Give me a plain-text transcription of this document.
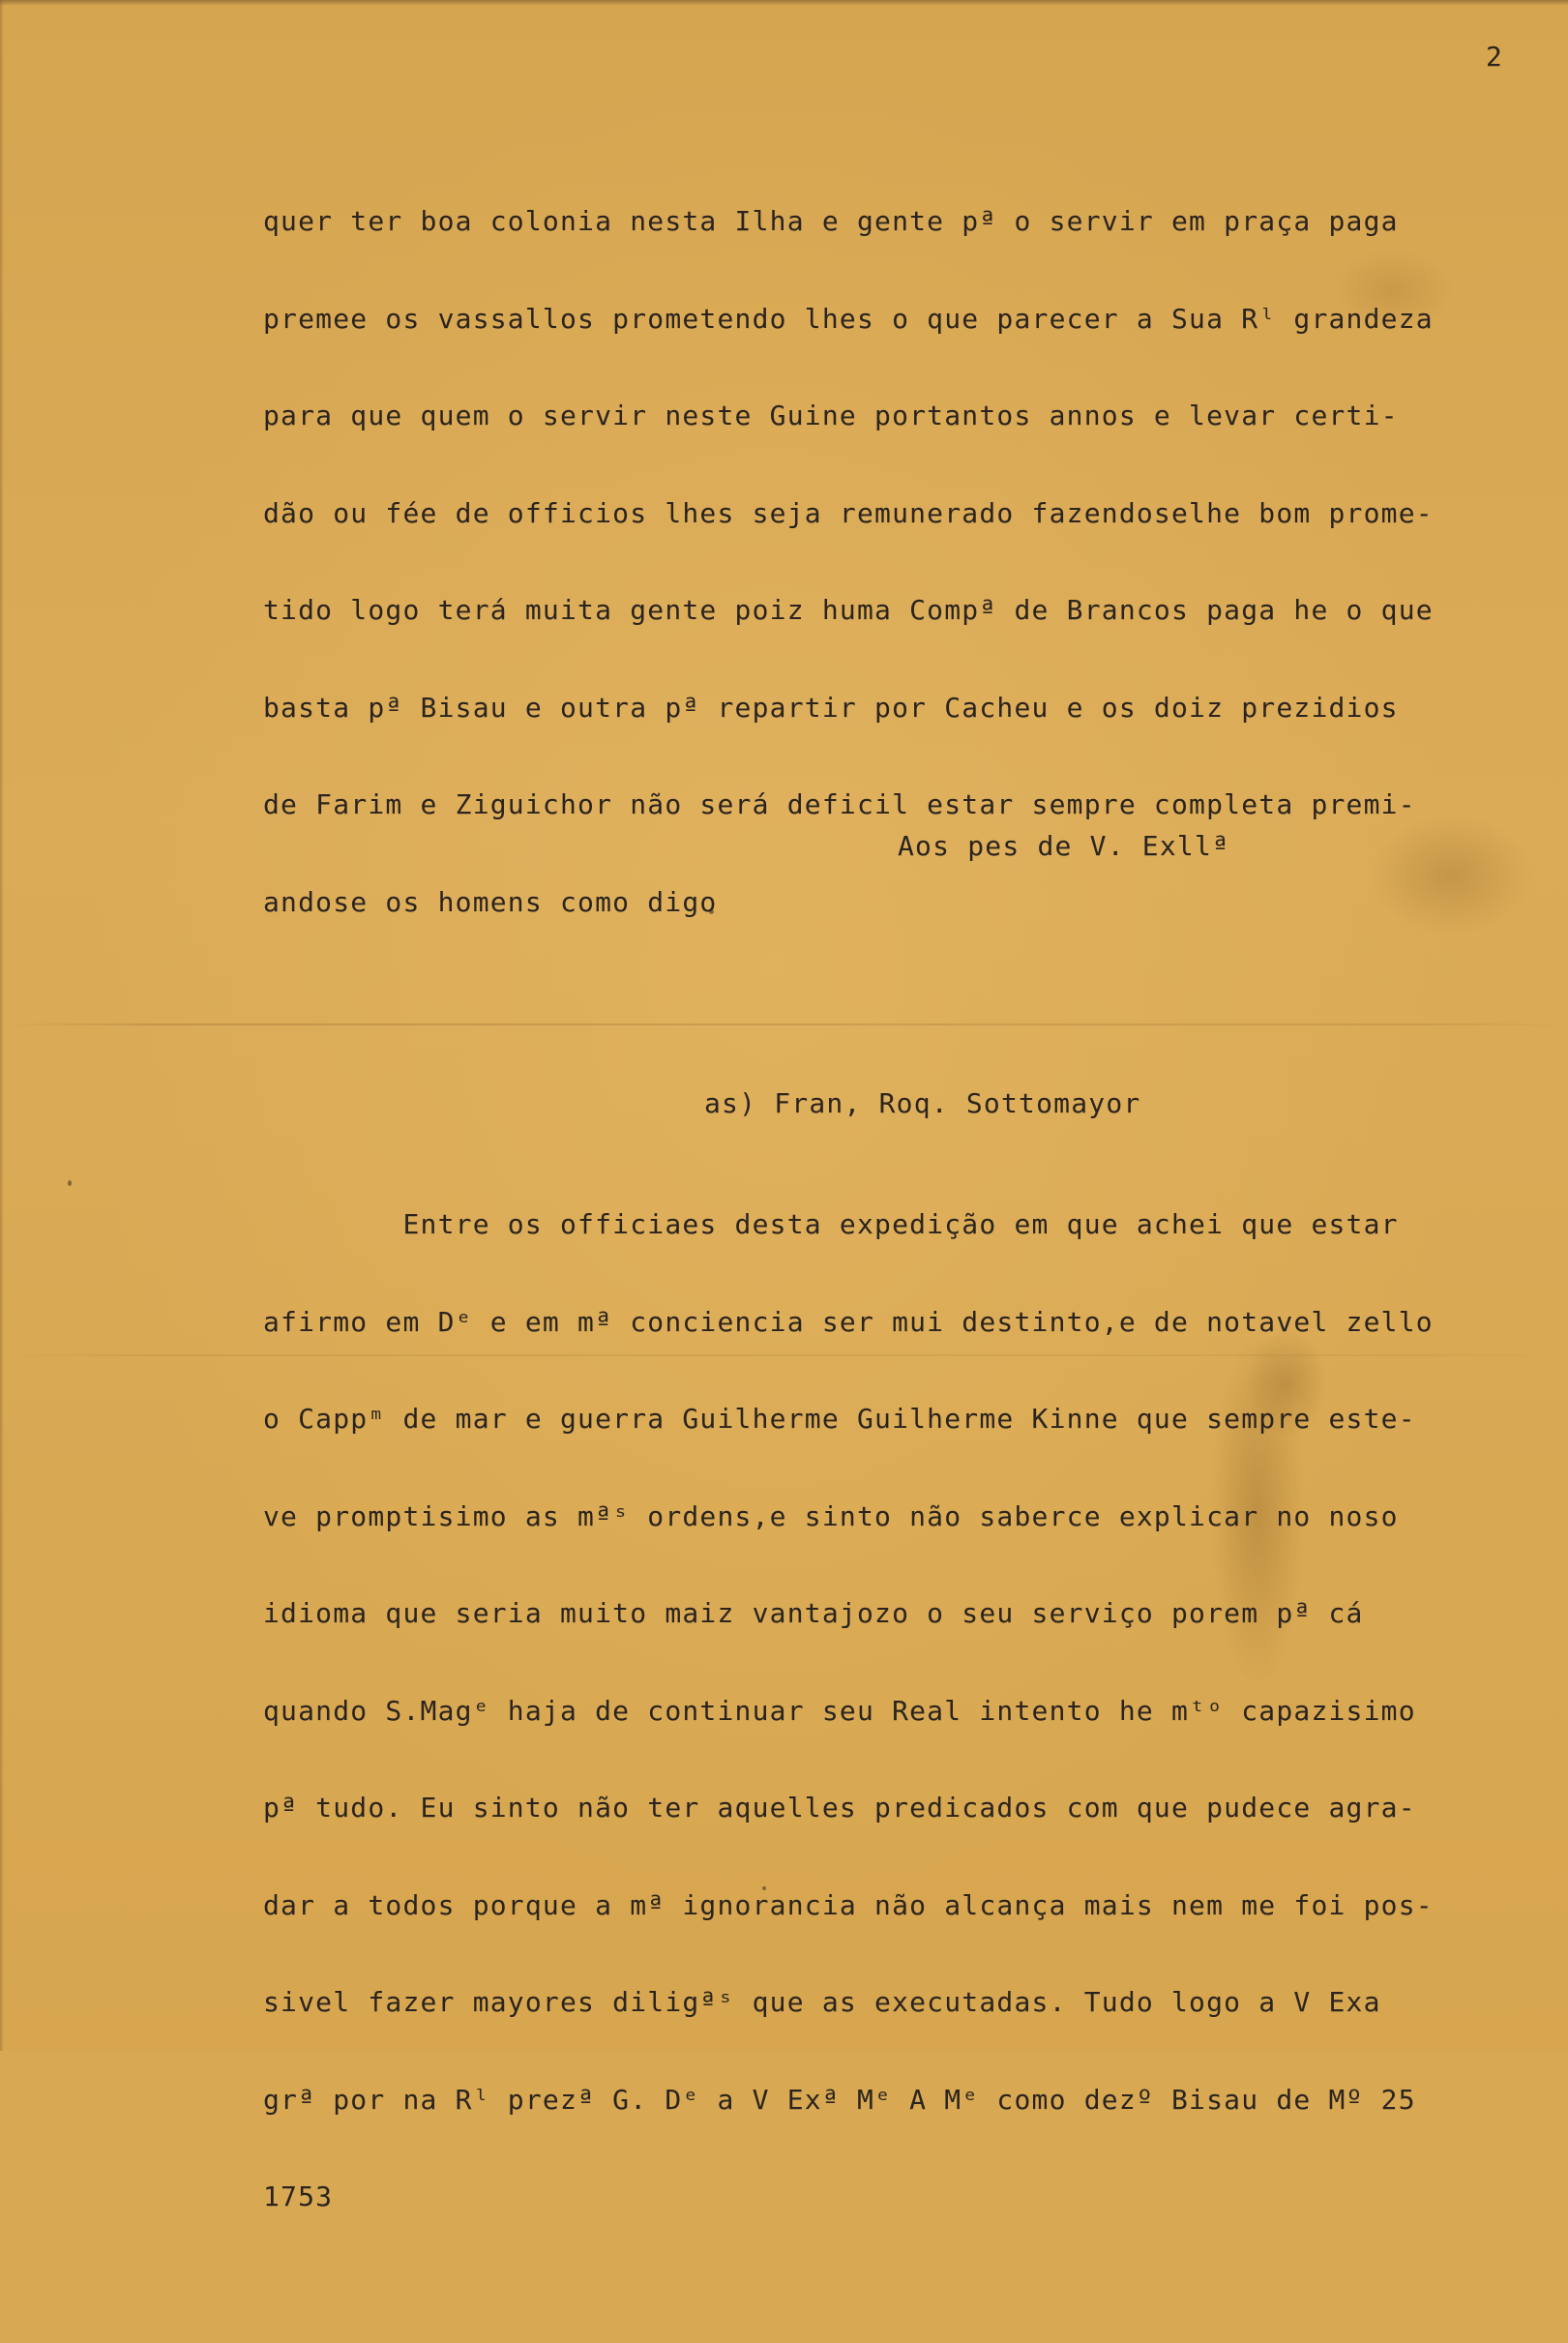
2

quer ter boa colonia nesta Ilha e gente pª o servir em praça paga

premee os vassallos prometendo lhes o que parecer a Sua Rˡ grandeza

para que quem o servir neste Guine portantos annos e levar certi-

dão ou fée de officios lhes seja remunerado fazendoselhe bom prome-

tido logo terá muita gente poiz huma Compª de Brancos paga he o que

basta pª Bisau e outra pª repartir por Cacheu e os doiz prezidios

de Farim e Ziguichor não será deficil estar sempre completa premi-

andose os homens como digo

Entre os officiaes desta expedição em que achei que estar

afirmo em Dᵉ e em mª conciencia ser mui destinto,e de notavel zello

o Cappᵐ de mar e guerra Guilherme Guilherme Kinne que sempre este-

ve promptisimo as mªˢ ordens,e sinto não saberce explicar no noso

idioma que seria muito maiz vantajozo o seu serviço porem pª cá

quando S.Magᵉ haja de continuar seu Real intento he mᵗᵒ capazisimo

pª tudo. Eu sinto não ter aquelles predicados com que pudece agra-

dar a todos porque a mª ignorancia não alcança mais nem me foi pos-

sivel fazer mayores diligªˢ que as executadas. Tudo logo a V Exa

grª por na Rˡ prezª G. Dᵉ a V Exª Mᵉ A Mᵉ como dezº Bisau de Mº 25

1753

Aos pes de V. Exllª

as) Fran, Roq. Sottomayor
